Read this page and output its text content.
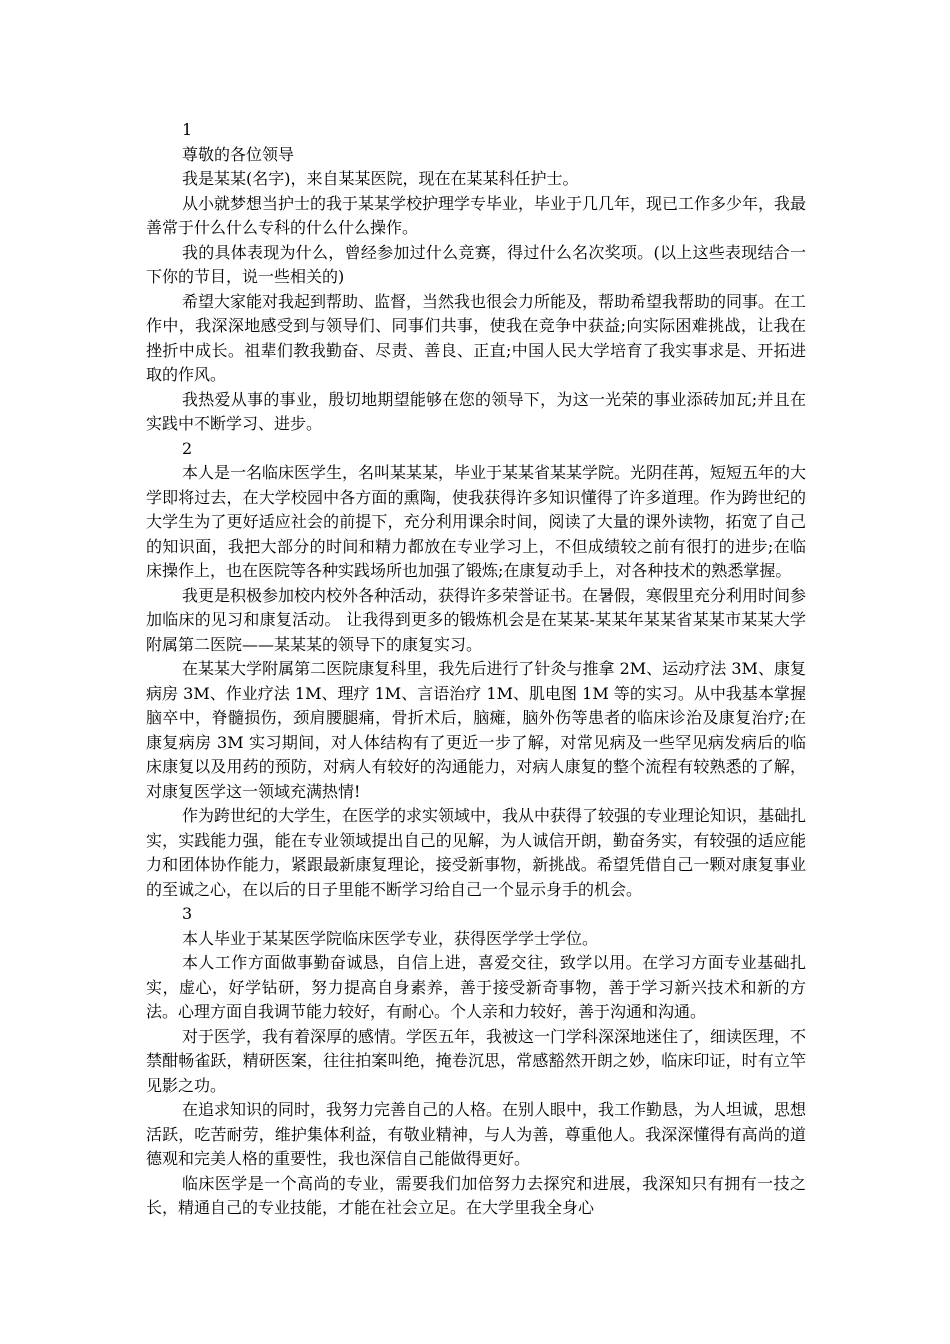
1

尊敬的各位领导

我是某某(名字)，来自某某医院，现在在某某科任护士。

从小就梦想当护士的我于某某学校护理学专毕业，毕业于几几年，现已工作多少年，我最善常于什么什么专科的什么什么操作。

我的具体表现为什么，曾经参加过什么竞赛，得过什么名次奖项。(以上这些表现结合一下你的节目，说一些相关的)

希望大家能对我起到帮助、监督，当然我也很会力所能及，帮助希望我帮助的同事。在工作中，我深深地感受到与领导们、同事们共事，使我在竞争中获益;向实际困难挑战，让我在挫折中成长。祖辈们教我勤奋、尽责、善良、正直;中国人民大学培育了我实事求是、开拓进取的作风。

我热爱从事的事业，殷切地期望能够在您的领导下，为这一光荣的事业添砖加瓦;并且在实践中不断学习、进步。

2

本人是一名临床医学生，名叫某某某，毕业于某某省某某学院。光阴荏苒，短短五年的大学即将过去，在大学校园中各方面的熏陶，使我获得许多知识懂得了许多道理。作为跨世纪的大学生为了更好适应社会的前提下，充分利用课余时间，阅读了大量的课外读物，拓宽了自己的知识面，我把大部分的时间和精力都放在专业学习上，不但成绩较之前有很打的进步;在临床操作上，也在医院等各种实践场所也加强了锻炼;在康复动手上，对各种技术的熟悉掌握。

我更是积极参加校内校外各种活动，获得许多荣誉证书。在暑假，寒假里充分利用时间参加临床的见习和康复活动。 让我得到更多的锻炼机会是在某某-某某年某某省某某市某某大学附属第二医院——某某某的领导下的康复实习。

在某某大学附属第二医院康复科里，我先后进行了针灸与推拿 2M、运动疗法 3M、康复病房 3M、作业疗法 1M、理疗 1M、言语治疗 1M、肌电图 1M 等的实习。从中我基本掌握脑卒中，脊髓损伤，颈肩腰腿痛，骨折术后，脑瘫，脑外伤等患者的临床诊治及康复治疗;在康复病房 3M 实习期间，对人体结构有了更近一步了解，对常见病及一些罕见病发病后的临床康复以及用药的预防，对病人有较好的沟通能力，对病人康复的整个流程有较熟悉的了解，对康复医学这一领域充满热情!

作为跨世纪的大学生，在医学的求实领域中，我从中获得了较强的专业理论知识，基础扎实，实践能力强，能在专业领域提出自己的见解，为人诚信开朗，勤奋务实，有较强的适应能力和团体协作能力，紧跟最新康复理论，接受新事物，新挑战。希望凭借自己一颗对康复事业的至诚之心，在以后的日子里能不断学习给自己一个显示身手的机会。

3

本人毕业于某某医学院临床医学专业，获得医学学士学位。

本人工作方面做事勤奋诚恳，自信上进，喜爱交往，致学以用。在学习方面专业基础扎实，虚心，好学钻研，努力提高自身素养，善于接受新奇事物，善于学习新兴技术和新的方法。心理方面自我调节能力较好，有耐心。个人亲和力较好，善于沟通和沟通。

对于医学，我有着深厚的感情。学医五年，我被这一门学科深深地迷住了，细读医理，不禁酣畅雀跃，精研医案，往往拍案叫绝，掩卷沉思，常感豁然开朗之妙，临床印证，时有立竿见影之功。

在追求知识的同时，我努力完善自己的人格。在别人眼中，我工作勤恳，为人坦诚，思想活跃，吃苦耐劳，维护集体利益，有敬业精神，与人为善，尊重他人。我深深懂得有高尚的道德观和完美人格的重要性，我也深信自己能做得更好。

临床医学是一个高尚的专业，需要我们加倍努力去探究和进展，我深知只有拥有一技之长，精通自己的专业技能，才能在社会立足。在大学里我全身心
